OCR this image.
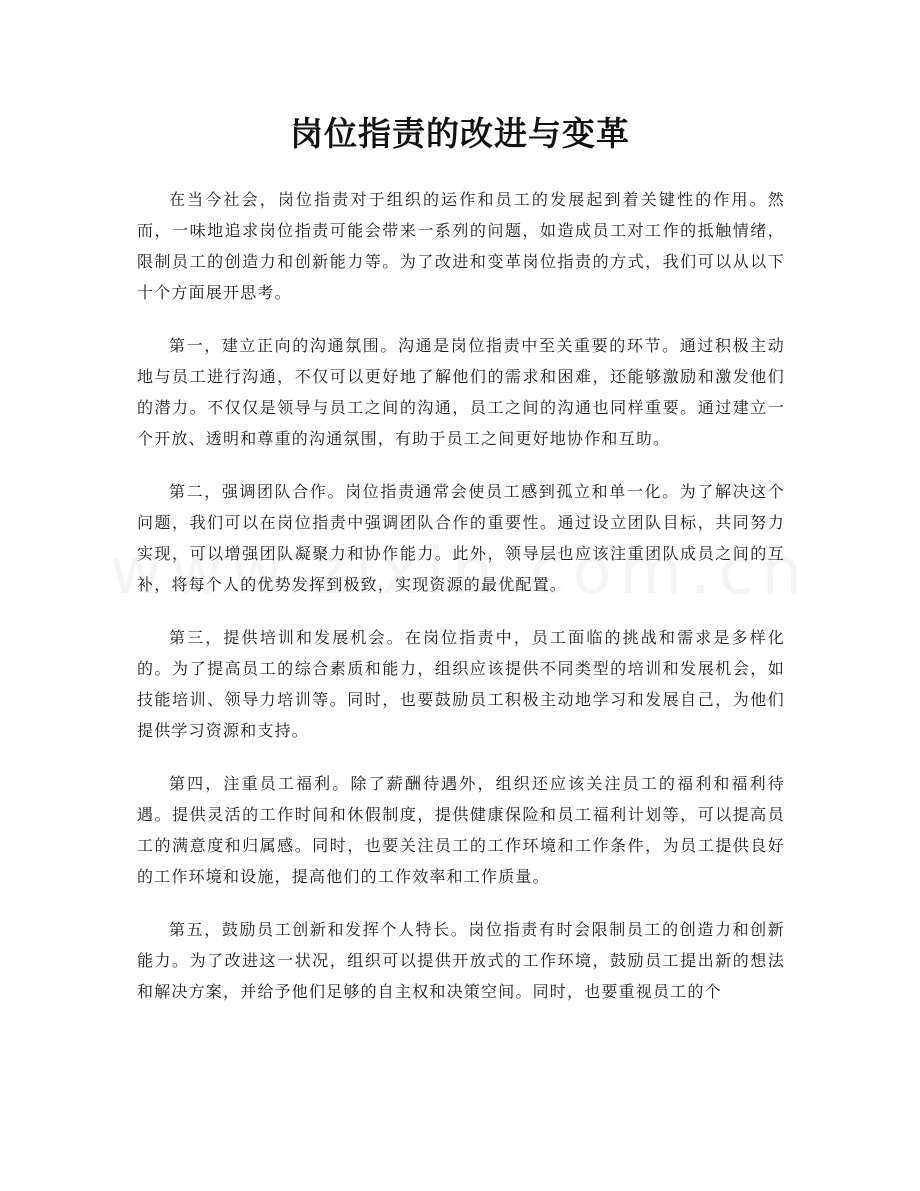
岗位指责的改进与变革

在当今社会，岗位指责对于组织的运作和员工的发展起到着关键性的作用。然而，一味地追求岗位指责可能会带来一系列的问题，如造成员工对工作的抵触情绪，限制员工的创造力和创新能力等。为了改进和变革岗位指责的方式，我们可以从以下十个方面展开思考。

第一，建立正向的沟通氛围。沟通是岗位指责中至关重要的环节。通过积极主动地与员工进行沟通，不仅可以更好地了解他们的需求和困难，还能够激励和激发他们的潜力。不仅仅是领导与员工之间的沟通，员工之间的沟通也同样重要。通过建立一个开放、透明和尊重的沟通氛围，有助于员工之间更好地协作和互助。

第二，强调团队合作。岗位指责通常会使员工感到孤立和单一化。为了解决这个问题，我们可以在岗位指责中强调团队合作的重要性。通过设立团队目标，共同努力实现，可以增强团队凝聚力和协作能力。此外，领导层也应该注重团队成员之间的互补，将每个人的优势发挥到极致，实现资源的最优配置。

第三，提供培训和发展机会。在岗位指责中，员工面临的挑战和需求是多样化的。为了提高员工的综合素质和能力，组织应该提供不同类型的培训和发展机会，如技能培训、领导力培训等。同时，也要鼓励员工积极主动地学习和发展自己，为他们提供学习资源和支持。

第四，注重员工福利。除了薪酬待遇外，组织还应该关注员工的福利和福利待遇。提供灵活的工作时间和休假制度，提供健康保险和员工福利计划等，可以提高员工的满意度和归属感。同时，也要关注员工的工作环境和工作条件，为员工提供良好的工作环境和设施，提高他们的工作效率和工作质量。

第五，鼓励员工创新和发挥个人特长。岗位指责有时会限制员工的创造力和创新能力。为了改进这一状况，组织可以提供开放式的工作环境，鼓励员工提出新的想法和解决方案，并给予他们足够的自主权和决策空间。同时，也要重视员工的个
